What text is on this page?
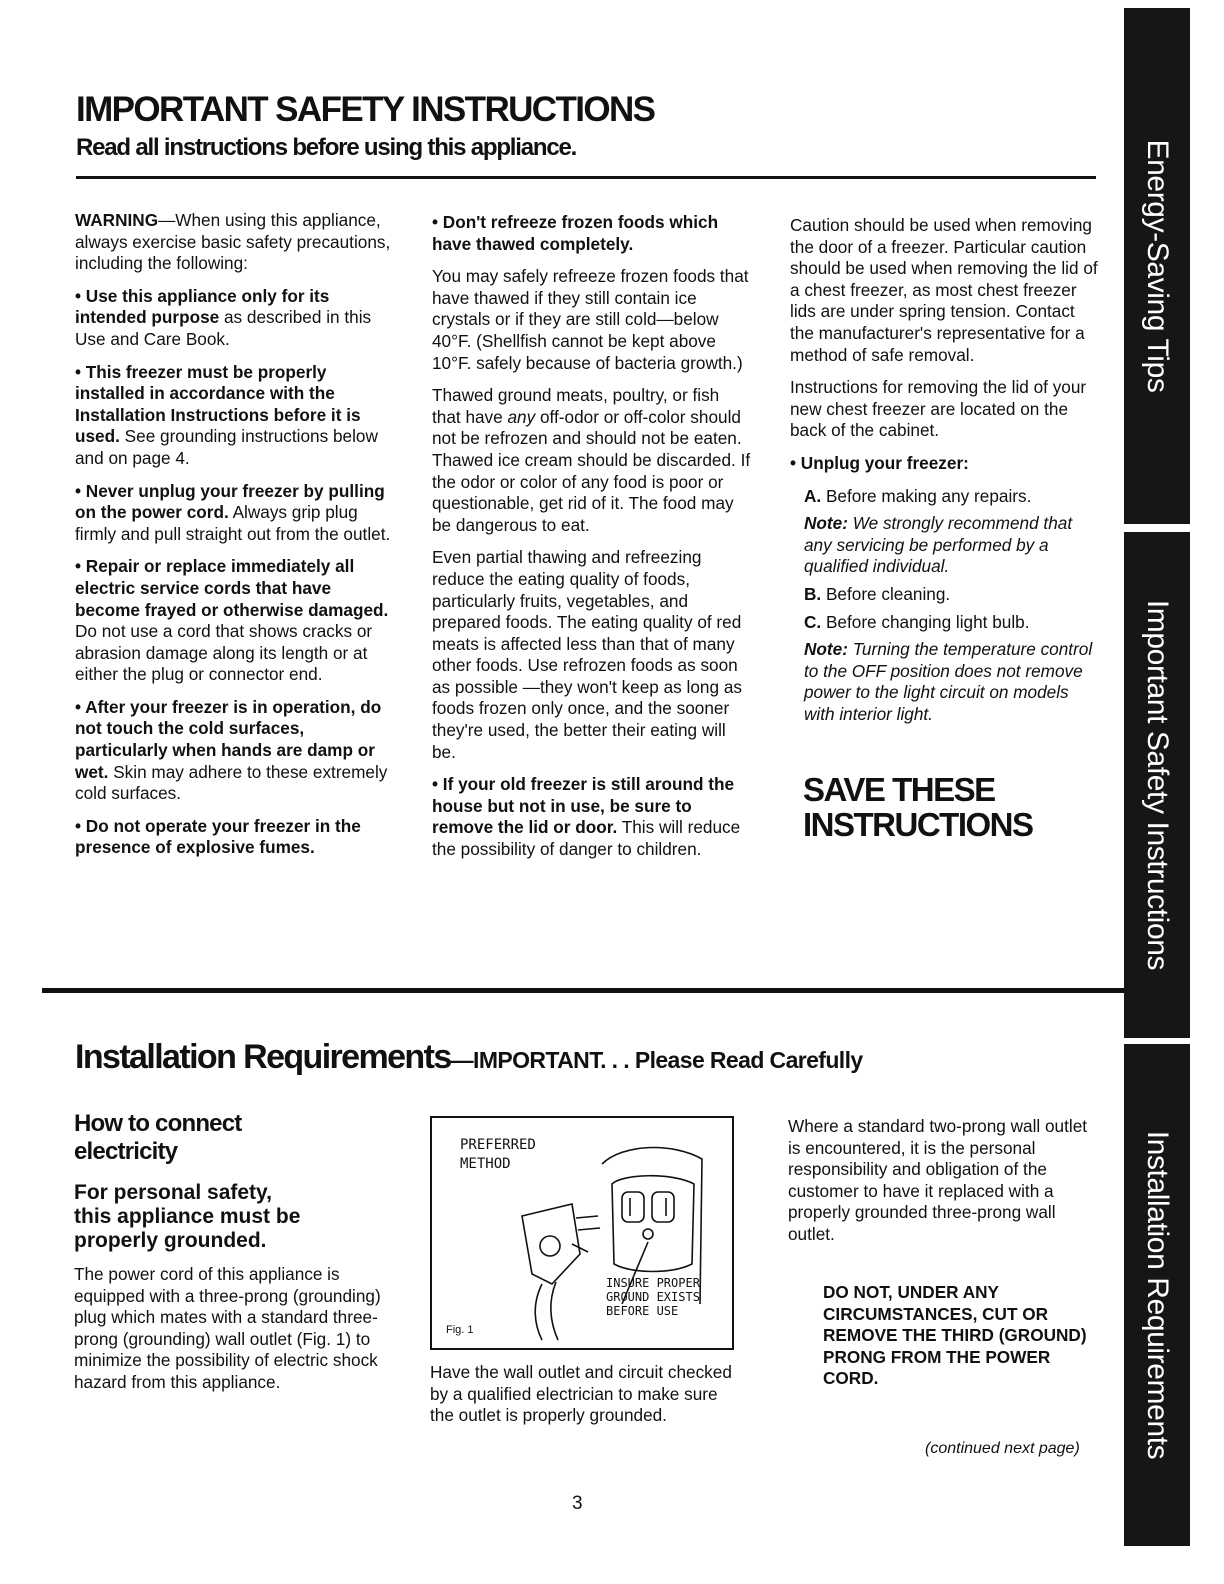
IMPORTANT SAFETY INSTRUCTIONS
Read all instructions before using this appliance.

WARNING—When using this appliance, always exercise basic safety precautions, including the following:

• Use this appliance only for its intended purpose as described in this Use and Care Book.

• This freezer must be properly installed in accordance with the Installation Instructions before it is used. See grounding instructions below and on page 4.

• Never unplug your freezer by pulling on the power cord. Always grip plug firmly and pull straight out from the outlet.

• Repair or replace immediately all electric service cords that have become frayed or otherwise damaged. Do not use a cord that shows cracks or abrasion damage along its length or at either the plug or connector end.

• After your freezer is in operation, do not touch the cold surfaces, particularly when hands are damp or wet. Skin may adhere to these extremely cold surfaces.

• Do not operate your freezer in the presence of explosive fumes.

• Don't refreeze frozen foods which have thawed completely.

You may safely refreeze frozen foods that have thawed if they still contain ice crystals or if they are still cold—below 40°F. (Shellfish cannot be kept above 10°F. safely because of bacteria growth.)

Thawed ground meats, poultry, or fish that have any off-odor or off-color should not be refrozen and should not be eaten. Thawed ice cream should be discarded. If the odor or color of any food is poor or questionable, get rid of it. The food may be dangerous to eat.

Even partial thawing and refreezing reduce the eating quality of foods, particularly fruits, vegetables, and prepared foods. The eating quality of red meats is affected less than that of many other foods. Use refrozen foods as soon as possible —they won't keep as long as foods frozen only once, and the sooner they're used, the better their eating will be.

• If your old freezer is still around the house but not in use, be sure to remove the lid or door. This will reduce the possibility of danger to children.

Caution should be used when removing the door of a freezer. Particular caution should be used when removing the lid of a chest freezer, as most chest freezer lids are under spring tension. Contact the manufacturer's representative for a method of safe removal.

Instructions for removing the lid of your new chest freezer are located on the back of the cabinet.

• Unplug your freezer:

A. Before making any repairs.

Note: We strongly recommend that any servicing be performed by a qualified individual.

B. Before cleaning.

C. Before changing light bulb.

Note: Turning the temperature control to the OFF position does not remove power to the light circuit on models with interior light.

SAVE THESE
INSTRUCTIONS
Installation Requirements—IMPORTANT. . . Please Read Carefully
How to connect
electricity
For personal safety,
this appliance must be
properly grounded.

The power cord of this appliance is equipped with a three-prong (grounding) plug which mates with a standard three-prong (grounding) wall outlet (Fig. 1) to minimize the possibility of electric shock hazard from this appliance.

PREFERRED
METHOD
INSURE PROPER
GROUND EXISTS
BEFORE USE
Fig. 1

Have the wall outlet and circuit checked by a qualified electrician to make sure the outlet is properly grounded.

Where a standard two-prong wall outlet is encountered, it is the personal responsibility and obligation of the customer to have it replaced with a properly grounded three-prong wall outlet.

DO NOT, UNDER ANY CIRCUMSTANCES, CUT OR REMOVE THE THIRD (GROUND) PRONG FROM THE POWER CORD.

(continued next page)

3

Energy-Saving Tips
Important Safety Instructions
Installation Requirements
